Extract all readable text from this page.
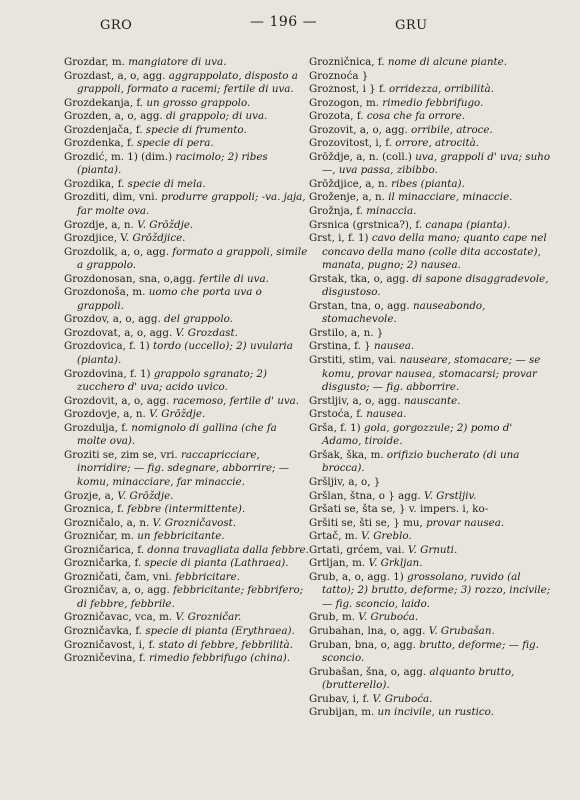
GRO	— 196 —	GRU

Grozdar, m. mangiatore di uva.

Grozdast, a, o, agg. aggrappolato, disposto a grappoli, formato a racemi; fertile di uva.

Grozdekanja, f. un grosso grappolo.

Grozden, a, o, agg. di grappolo; di uva.

Grozdenjača, f. specie di frumento.

Grozdenka, f. specie di pera.

Grozdić, m. 1) (dim.) racimolo; 2) ribes (pianta).

Grozdika, f. specie di mela.

Grozditi, dim, vni. produrre grappoli; -va. jaja, far molte ova.

Grozdje, a, n. V. Grōždje.

Grozdjice, V. Grōždjice.

Grozdolik, a, o, agg. formato a grappoli, simile a grappolo.

Grozdonosan, sna, o,agg. fertile di uva.

Grozdonoša, m. uomo che porta uva o grappoli.

Grozdov, a, o, agg. del grappolo.

Grozdovat, a, o, agg. V. Grozdast.

Grozdovica, f. 1) tordo (uccello); 2) uvularia (pianta).

Grozdovina, f. 1) grappolo sgranato; 2) zucchero d' uva; acido uvico.

Grozdovit, a, o, agg. racemoso, fertile d' uva.

Grozdovje, a, n. V. Grōždje.

Grozdulja, f. nomignolo di gallina (che fa molte ova).

Groziti se, zim se, vri. raccapricciare, inorridire; — fig. sdegnare, abborrire; — komu, minacciare, far minaccie.

Grozje, a, V. Grōždje.

Groznica, f. febbre (intermittente).

Grozničalo, a, n. V. Grozničavost.

Grozničar, m. un febbricitante.

Grozničarica, f. donna travagliata dalla febbre.

Grozničarka, f. specie di pianta (Lathraea).

Grozničati, čam, vni. febbricitare.

Grozničav, a, o, agg. febbricitante; febbrifero; di febbre, febbrile.

Grozničavac, vca, m. V. Grozničar.

Grozničavka, f. specie di pianta (Erythraea).

Grozničavost, i, f. stato di febbre, febbrilità.

Grozničevina, f. rimedio febbrifugo (china).

Grozničnica, f. nome di alcune piante.

Groznoća }

Groznost, i } f. orridezza, orribilità.

Grozogon, m. rimedio febbrifugo.

Grozota, f. cosa che fa orrore.

Grozovit, a, o, agg. orribile, atroce.

Grozovitost, i, f. orrore, atrocità.

Grōždje, a, n. (coll.) uva, grappoli d' uva; suho —, uva passa, zibibbo.

Grōždjice, a, n. ribes (pianta).

Groženje, a, n. il minacciare, minaccie.

Grožnja, f. minaccia.

Grsnica (grstnica?), f. canapa (pianta).

Grst, i, f. 1) cavo della mano; quanto cape nel concavo della mano (colle dita accostate), manata, pugno; 2) nausea.

Grstak, tka, o, agg. di sapone disaggradevole, disgustoso.

Grstan, tna, o, agg. nauseabondo, stomachevole.

Grstilo, a, n. }

Grstina, f. } nausea.

Grstiti, stim, vai. nauseare, stomacare; — se komu, provar nausea, stomacarsi; provar disgusto; — fig. abborrire.

Grstljiv, a, o, agg. nauscante.

Grstoća, f. nausea.

Grša, f. 1) gola, gorgozzule; 2) pomo d' Adamo, tiroide.

Gršak, ška, m. orifizio bucherato (di una brocca).

Gršljiv, a, o, }

Gršlan, štna, o } agg. V. Grstljiv.

Gršati se, šta se, } v. impers. i, ko-

Gršiti se, šti se, } mu, provar nausea.

Grtač, m. V. Greblo.

Grtati, grćem, vai. V. Grnuti.

Grtljan, m. V. Grkljan.

Grub, a, o, agg. 1) grossolano, ruvido (al tatto); 2) brutto, deforme; 3) rozzo, incivile; — fig. sconcio, laido.

Grub, m. V. Gruboća.

Grubahan, lna, o, agg. V. Grubašan.

Gruban, bna, o, agg. brutto, deforme; — fig. sconcio.

Grubašan, šna, o, agg. alquanto brutto, (brutterello).

Grubav, i, f. V. Gruboća.

Grubijan, m. un incivile, un rustico.
